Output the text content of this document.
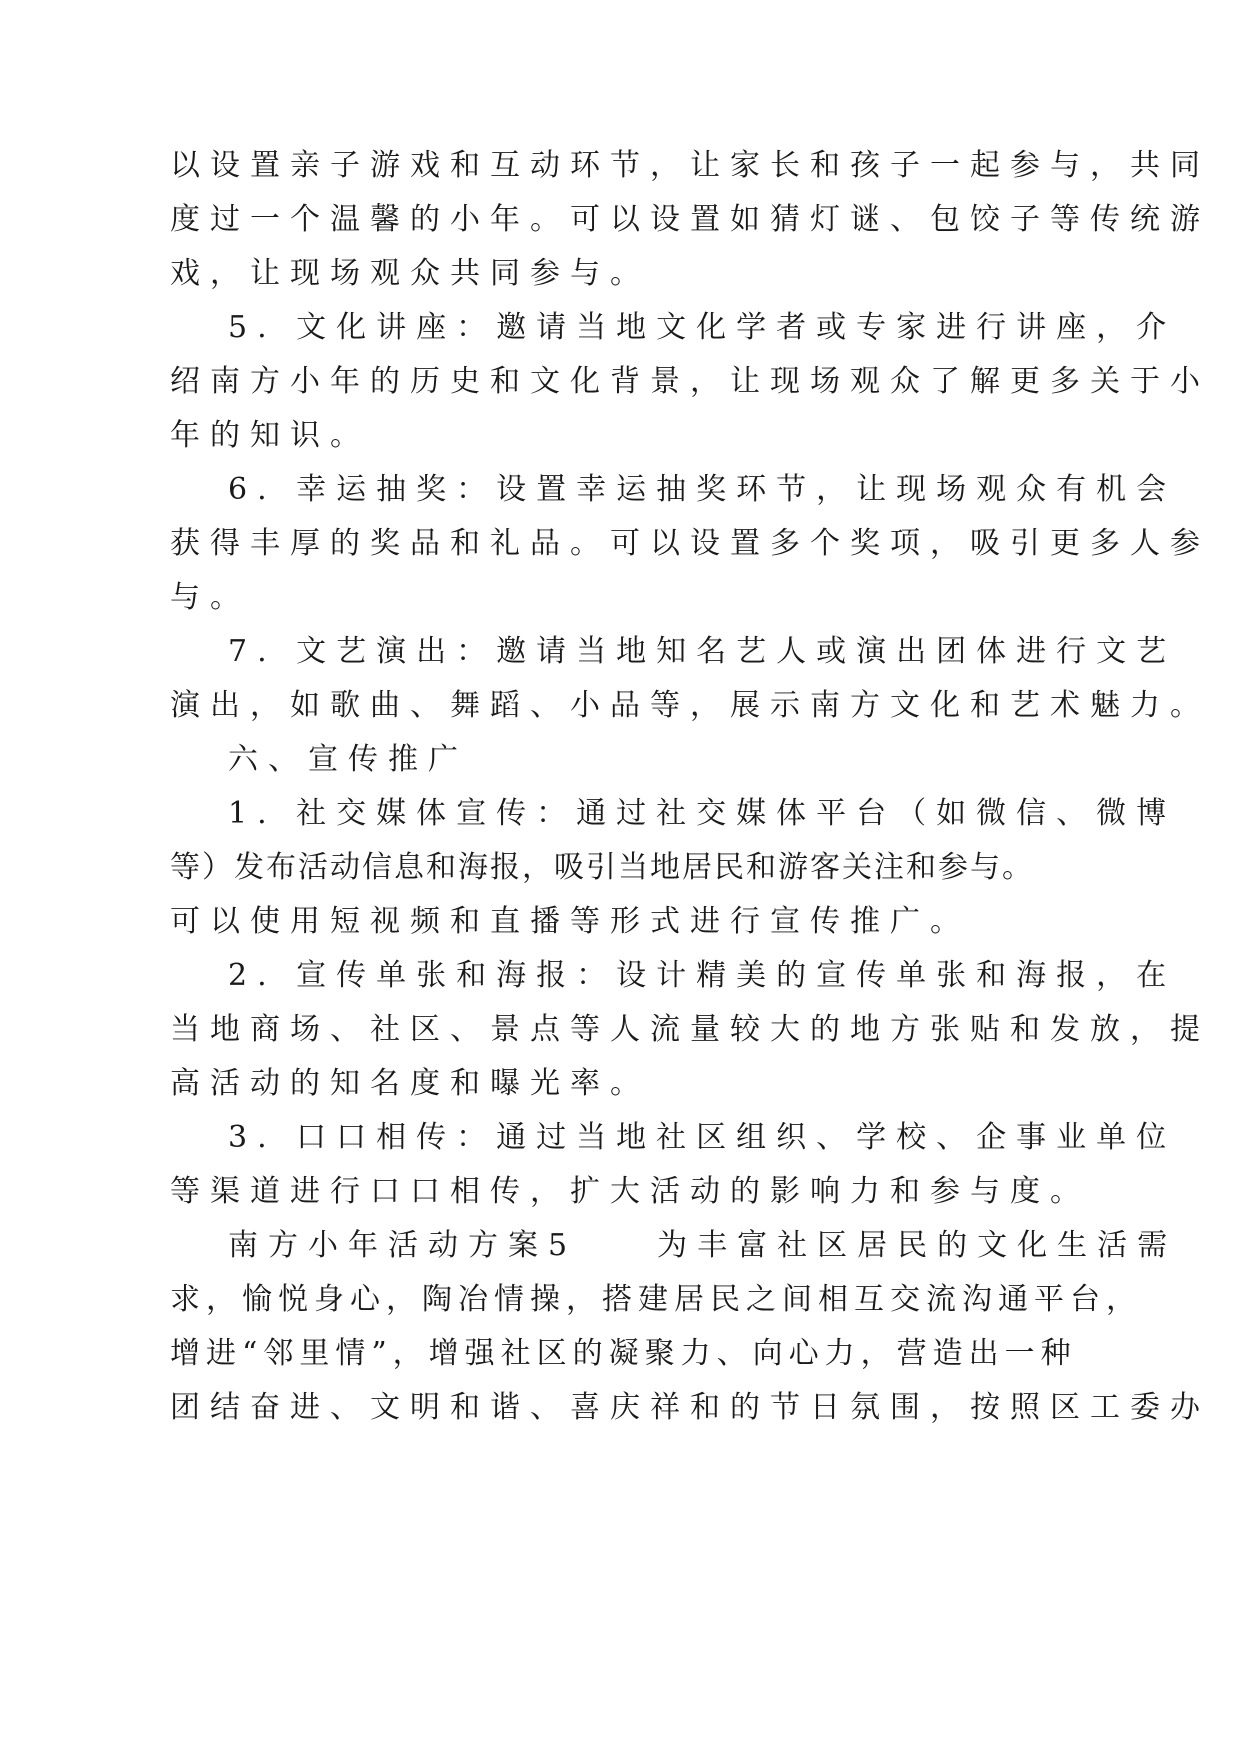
以设置亲子游戏和互动环节，让家长和孩子一起参与，共同
度过一个温馨的小年。可以设置如猜灯谜、包饺子等传统游
戏，让现场观众共同参与。
5. 文化讲座：邀请当地文化学者或专家进行讲座，介
绍南方小年的历史和文化背景，让现场观众了解更多关于小
年的知识。
6. 幸运抽奖：设置幸运抽奖环节，让现场观众有机会
获得丰厚的奖品和礼品。可以设置多个奖项，吸引更多人参
与。
7. 文艺演出：邀请当地知名艺人或演出团体进行文艺
演出，如歌曲、舞蹈、小品等，展示南方文化和艺术魅力。
六、宣传推广
1. 社交媒体宣传：通过社交媒体平台（如微信、微博
等）发布活动信息和海报，吸引当地居民和游客关注和参与。
可以使用短视频和直播等形式进行宣传推广。
2. 宣传单张和海报：设计精美的宣传单张和海报，在
当地商场、社区、景点等人流量较大的地方张贴和发放，提
高活动的知名度和曝光率。
3. 口口相传：通过当地社区组织、学校、企事业单位
等渠道进行口口相传，扩大活动的影响力和参与度。
南方小年活动方案5　　为丰富社区居民的文化生活需
求，愉悦身心，陶冶情操，搭建居民之间相互交流沟通平台，
增进“邻里情”，增强社区的凝聚力、向心力，营造出一种
团结奋进、文明和谐、喜庆祥和的节日氛围，按照区工委办
